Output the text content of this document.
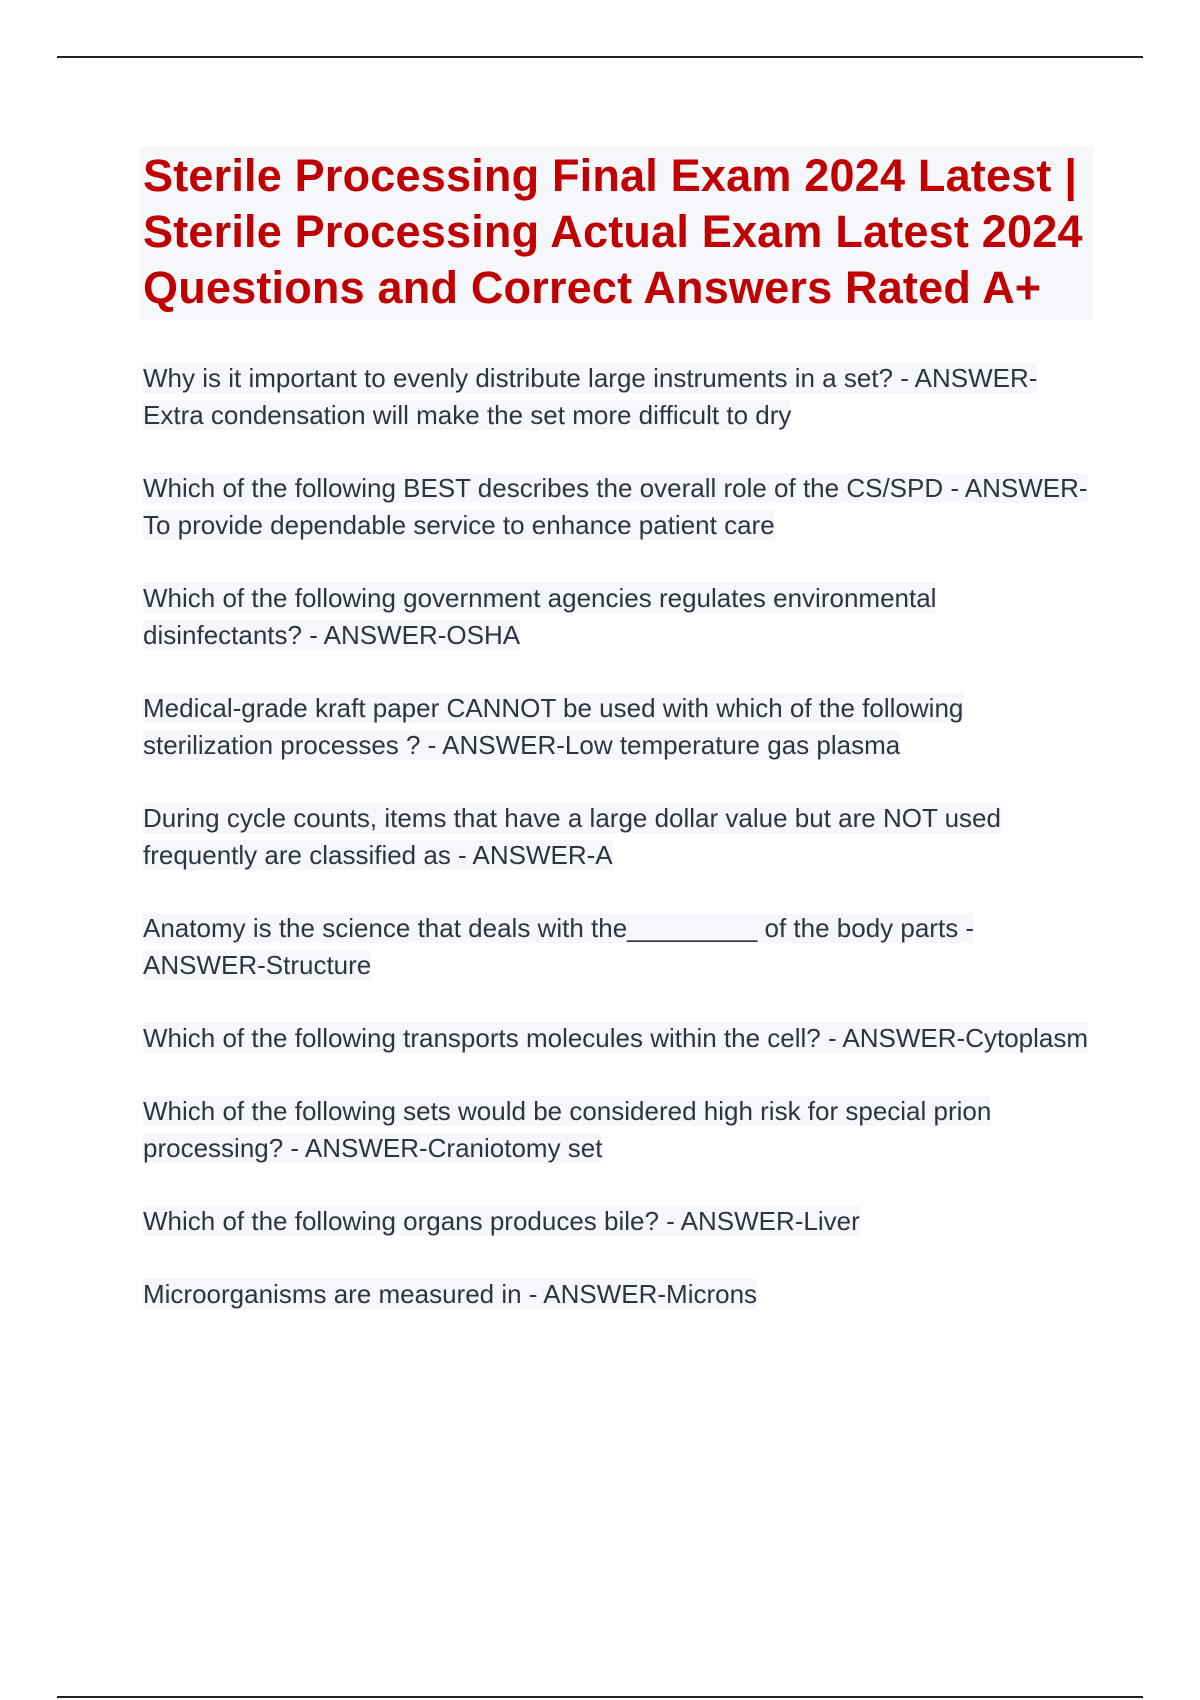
Sterile Processing Final Exam 2024 Latest | Sterile Processing Actual Exam Latest 2024 Questions and Correct Answers Rated A+
Why is it important to evenly distribute large instruments in a set? - ANSWER-Extra condensation will make the set more difficult to dry
Which of the following BEST describes the overall role of the CS/SPD - ANSWER-To provide dependable service to enhance patient care
Which of the following government agencies regulates environmental disinfectants? - ANSWER-OSHA
Medical-grade kraft paper CANNOT be used with which of the following sterilization processes ? - ANSWER-Low temperature gas plasma
During cycle counts, items that have a large dollar value but are NOT used frequently are classified as - ANSWER-A
Anatomy is the science that deals with the_________ of the body parts - ANSWER-Structure
Which of the following transports molecules within the cell? - ANSWER-Cytoplasm
Which of the following sets would be considered high risk for special prion processing? - ANSWER-Craniotomy set
Which of the following organs produces bile? - ANSWER-Liver
Microorganisms are measured in - ANSWER-Microns
